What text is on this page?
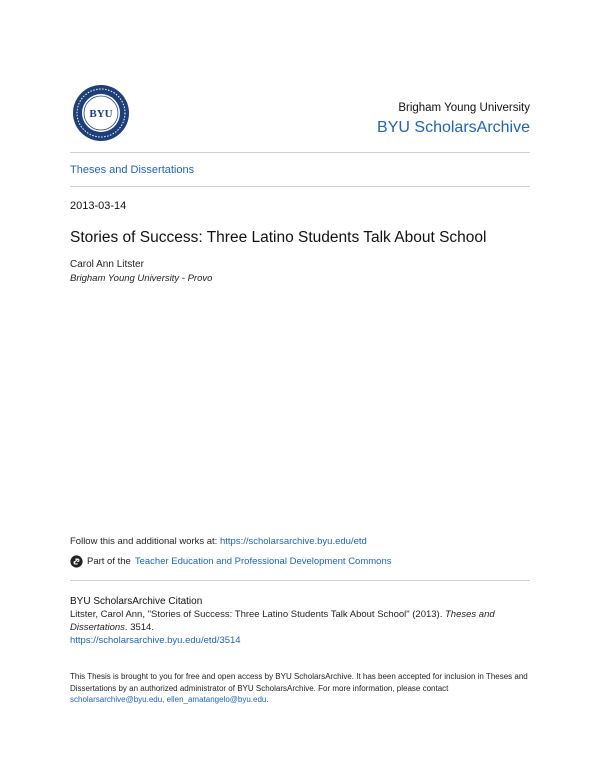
BYU	Brigham Young University
BYU ScholarsArchive
Theses and Dissertations
2013-03-14
Stories of Success: Three Latino Students Talk About School
Carol Ann Litster
Brigham Young University - Provo
Follow this and additional works at: https://scholarsarchive.byu.edu/etd
Part of the Teacher Education and Professional Development Commons
BYU ScholarsArchive Citation
Litster, Carol Ann, "Stories of Success: Three Latino Students Talk About School" (2013). Theses and Dissertations. 3514.
https://scholarsarchive.byu.edu/etd/3514
This Thesis is brought to you for free and open access by BYU ScholarsArchive. It has been accepted for inclusion in Theses and Dissertations by an authorized administrator of BYU ScholarsArchive. For more information, please contact scholarsarchive@byu.edu, ellen_amatangelo@byu.edu.
